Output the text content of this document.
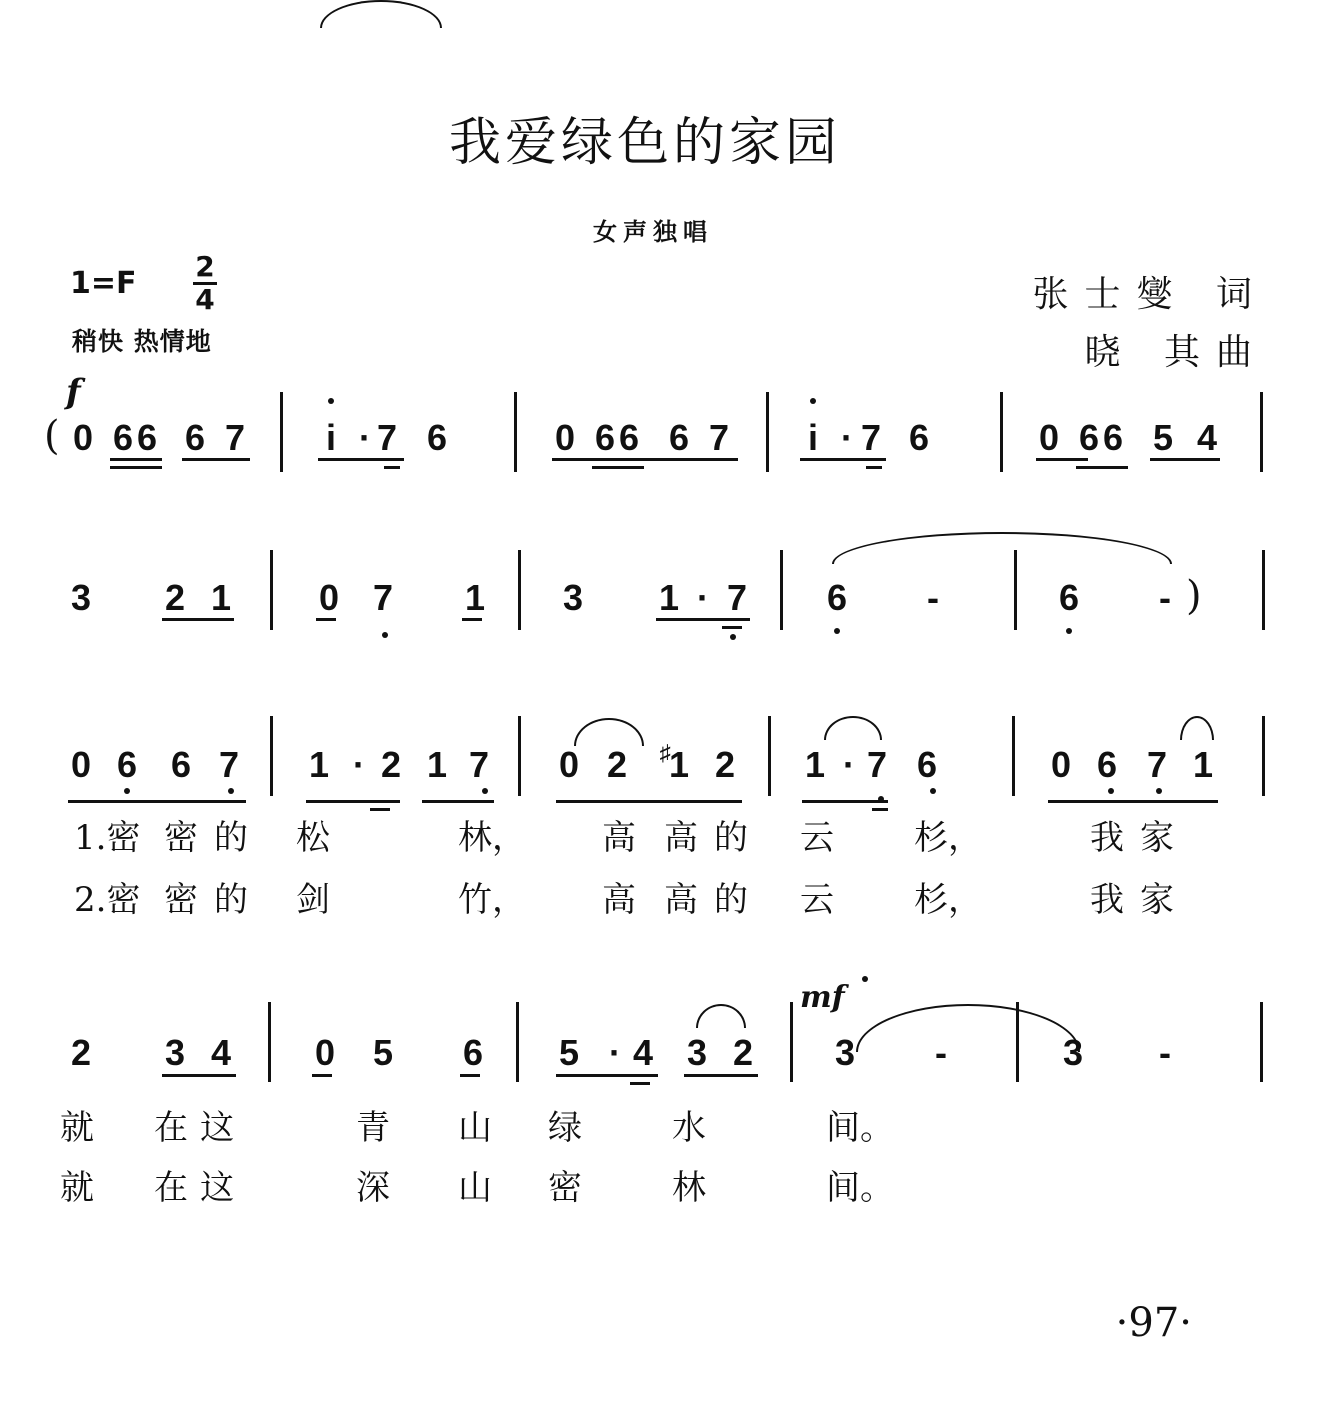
我爱绿色的家园
女声独唱
1=F 2
4
稍快 热情地
张士燮 词
晓 其曲
f
mf
0 6 6 6 7 i · 7 6	0 6 6 6 7 i · 7 6	0 6 6 5 4
3 2 1 0 7 1 3 1 · 7 6 -	6 -
0 6 6 7 1 · 2 1 7 0 2	♯
1 2 1 · 7 6	0 6 7 1
2 3 4 0 5 6 5 · 4 3 2 3 -	3 -
(
)
1.密 密 的 松	林， 高 高 的 云 杉，	我 家
2.密 密 的 剑	竹， 高 高 的 云 杉，	我 家
就 在 这	青 山 绿	水	间。
就 在 这	深 山 密	林	间。
·97·
